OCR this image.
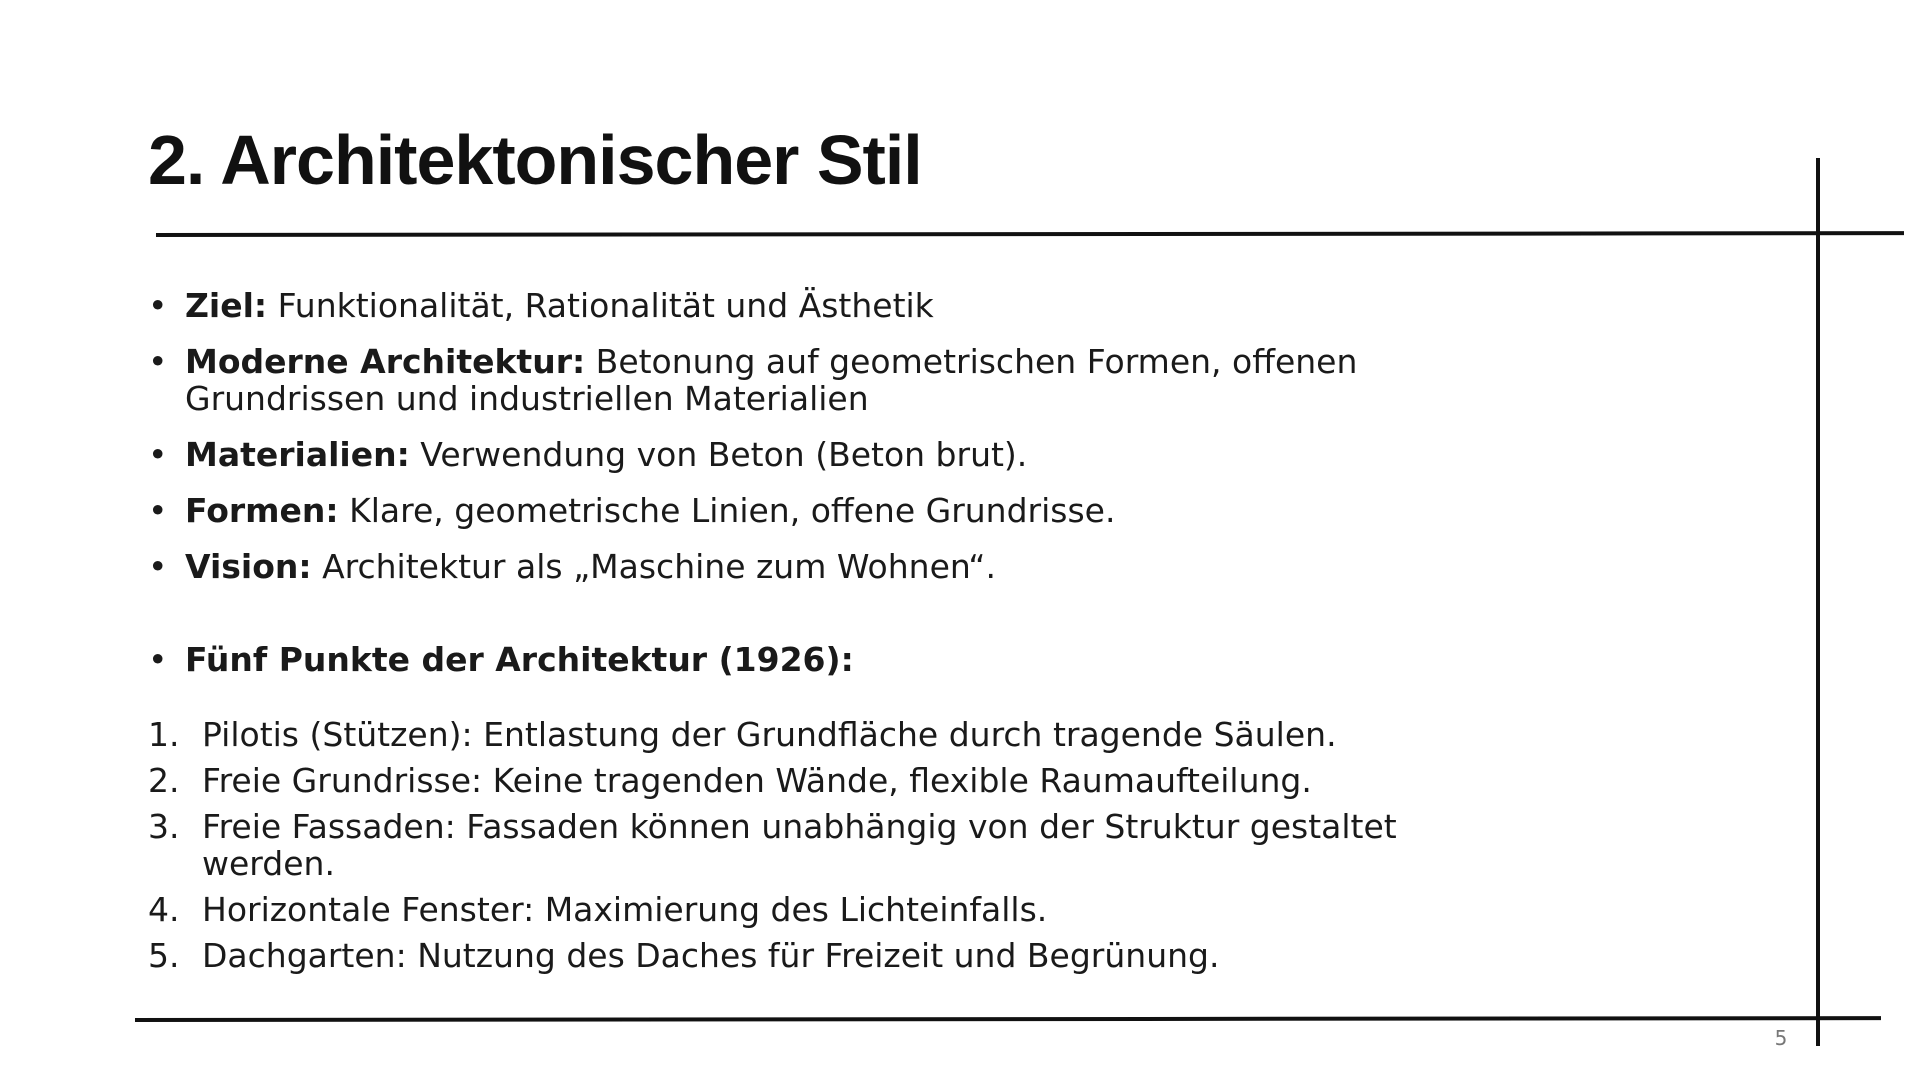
2. Architektonischer Stil
• Ziel: Funktionalität, Rationalität und Ästhetik
• Moderne Architektur: Betonung auf geometrischen Formen, offenen Grundrissen und industriellen Materialien
• Materialien: Verwendung von Beton (Beton brut).
• Formen: Klare, geometrische Linien, offene Grundrisse.
• Vision: Architektur als „Maschine zum Wohnen“.
• Fünf Punkte der Architektur (1926):
1. Pilotis (Stützen): Entlastung der Grundfläche durch tragende Säulen.
2. Freie Grundrisse: Keine tragenden Wände, flexible Raumaufteilung.
3. Freie Fassaden: Fassaden können unabhängig von der Struktur gestaltet werden.
4. Horizontale Fenster: Maximierung des Lichteinfalls.
5. Dachgarten: Nutzung des Daches für Freizeit und Begrünung.
5
